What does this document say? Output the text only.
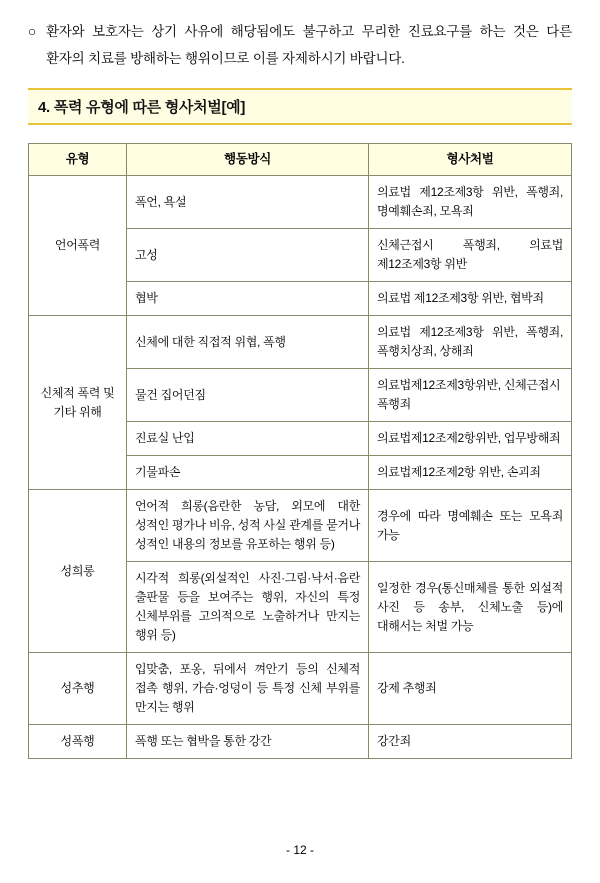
○ 환자와 보호자는 상기 사유에 해당됨에도 불구하고 무리한 진료요구를 하는 것은 다른 환자의 치료를 방해하는 행위이므로 이를 자제하시기 바랍니다.
4. 폭력 유형에 따른 형사처벌[예]
유형	행동방식	형사처벌
언어폭력	폭언, 욕설	의료법 제12조제3항 위반, 폭행죄, 명예훼손죄, 모욕죄
	고성	신체근접시 폭행죄, 의료법 제12조제3항 위반
	협박	의료법 제12조제3항 위반, 협박죄
신체적 폭력 및 기타 위해	신체에 대한 직접적 위협, 폭행	의료법 제12조제3항 위반, 폭행죄, 폭행치상죄, 상해죄
	물건 집어던짐	의료법제12조제3항위반, 신체근접시 폭행죄
	진료실 난입	의료법제12조제2항위반, 업무방해죄
	기물파손	의료법제12조제2항 위반, 손괴죄
성희롱	언어적 희롱(음란한 농담, 외모에 대한 성적인 평가나 비유, 성적 사실 관계를 묻거나 성적인 내용의 정보를 유포하는 행위 등)	경우에 따라 명예훼손 또는 모욕죄 가능
	시각적 희롱(외설적인 사진·그림·낙서·음란 출판물 등을 보여주는 행위, 자신의 특정 신체부위를 고의적으로 노출하거나 만지는 행위 등)	일정한 경우(통신매체를 통한 외설적 사진 등 송부, 신체노출 등)에 대해서는 처벌 가능
성추행	입맞춤, 포옹, 뒤에서 껴안기 등의 신체적 접촉 행위, 가슴·엉덩이 등 특정 신체 부위를 만지는 행위	강제 추행죄
성폭행	폭행 또는 협박을 통한 강간	강간죄
- 12 -
